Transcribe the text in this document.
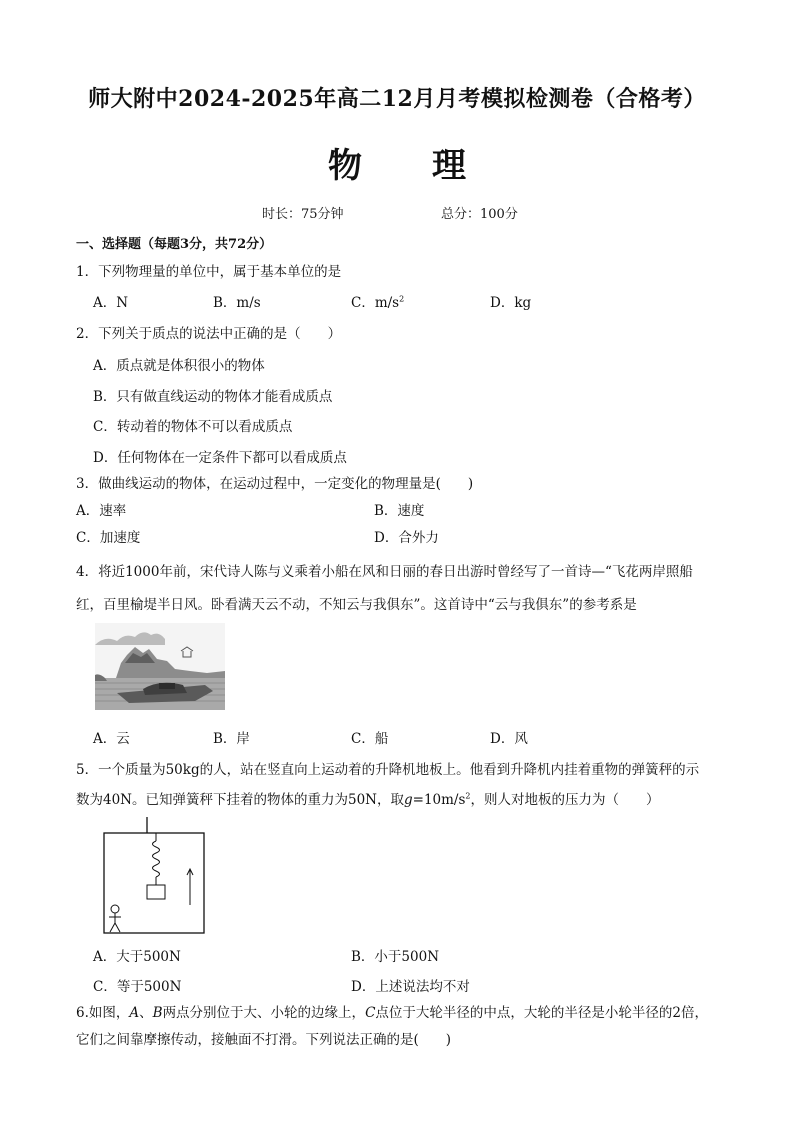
师大附中2024-2025年高二12月月考模拟检测卷（合格考）
物理
时长：75分钟	总分：100分
一、选择题（每题3分，共72分）
1．下列物理量的单位中，属于基本单位的是
A．N	B．m/s	C．$m/s^2$	D．kg
2．下列关于质点的说法中正确的是（　　）
A．质点就是体积很小的物体
B．只有做直线运动的物体才能看成质点
C．转动着的物体不可以看成质点
D．任何物体在一定条件下都可以看成质点
3．做曲线运动的物体，在运动过程中，一定变化的物理量是(　　)
A．速率	B．速度
C．加速度	D．合外力
4．将近1000年前，宋代诗人陈与义乘着小船在风和日丽的春日出游时曾经写了一首诗—“飞花两岸照船
红，百里榆堤半日风。卧看满天云不动，不知云与我俱东”。这首诗中“云与我俱东”的参考系是
A．云	B．岸	C．船	D．风
5．一个质量为50kg的人，站在竖直向上运动着的升降机地板上。他看到升降机内挂着重物的弹簧秤的示
数为40N。已知弹簧秤下挂着的物体的重力为50N，取$g=10m/s^2$，则人对地板的压力为（　　）
A．大于500N	B．小于500N
C．等于500N	D．上述说法均不对
6.如图，A、B两点分别位于大、小轮的边缘上，C点位于大轮半径的中点，大轮的半径是小轮半径的2倍，
它们之间靠摩擦传动，接触面不打滑。下列说法正确的是(　　)
